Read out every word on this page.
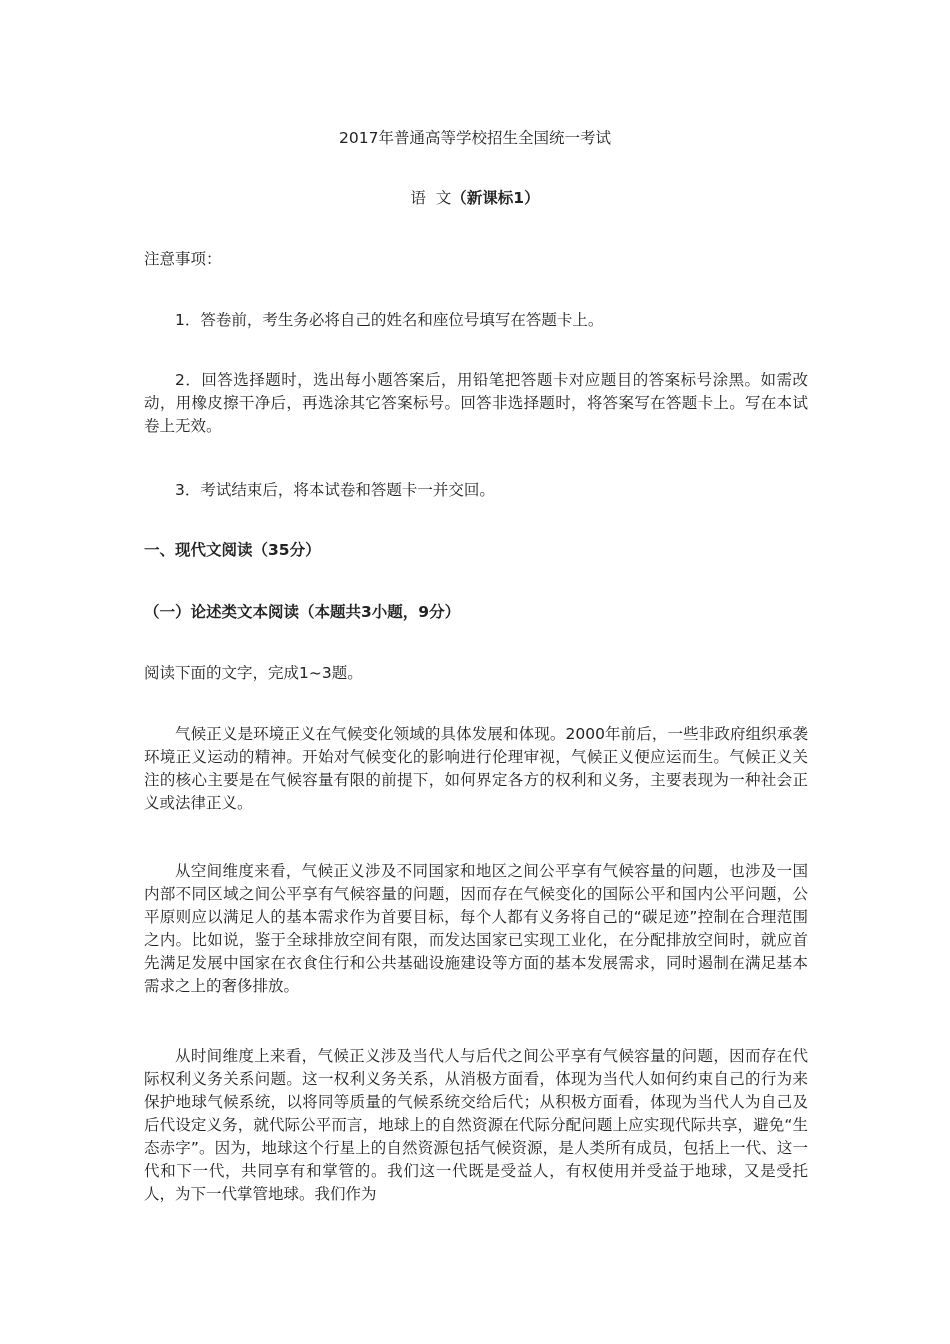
2017年普通高等学校招生全国统一考试

语  文（新课标1）

注意事项：

1．答卷前，考生务必将自己的姓名和座位号填写在答题卡上。

2．回答选择题时，选出每小题答案后，用铅笔把答题卡对应题目的答案标号涂黑。如需改动，用橡皮擦干净后，再选涂其它答案标号。回答非选择题时，将答案写在答题卡上。写在本试卷上无效。

3．考试结束后，将本试卷和答题卡一并交回。

一、现代文阅读（35分）

（一）论述类文本阅读（本题共3小题，9分）

阅读下面的文字，完成1~3题。

气候正义是环境正义在气候变化领域的具体发展和体现。2000年前后，一些非政府组织承袭环境正义运动的精神。开始对气候变化的影响进行伦理审视，气候正义便应运而生。气候正义关注的核心主要是在气候容量有限的前提下，如何界定各方的权利和义务，主要表现为一种社会正义或法律正义。

从空间维度来看，气候正义涉及不同国家和地区之间公平享有气候容量的问题，也涉及一国内部不同区域之间公平享有气候容量的问题，因而存在气候变化的国际公平和国内公平问题，公平原则应以满足人的基本需求作为首要目标，每个人都有义务将自己的“碳足迹”控制在合理范围之内。比如说，鉴于全球排放空间有限，而发达国家已实现工业化，在分配排放空间时，就应首先满足发展中国家在衣食住行和公共基础设施建设等方面的基本发展需求，同时遏制在满足基本需求之上的奢侈排放。

从时间维度上来看，气候正义涉及当代人与后代之间公平享有气候容量的问题，因而存在代际权利义务关系问题。这一权利义务关系，从消极方面看，体现为当代人如何约束自己的行为来保护地球气候系统，以将同等质量的气候系统交给后代；从积极方面看，体现为当代人为自己及后代设定义务，就代际公平而言，地球上的自然资源在代际分配问题上应实现代际共享，避免“生态赤字”。因为，地球这个行星上的自然资源包括气候资源，是人类所有成员，包括上一代、这一代和下一代，共同享有和掌管的。我们这一代既是受益人，有权使用并受益于地球，又是受托人，为下一代掌管地球。我们作为
